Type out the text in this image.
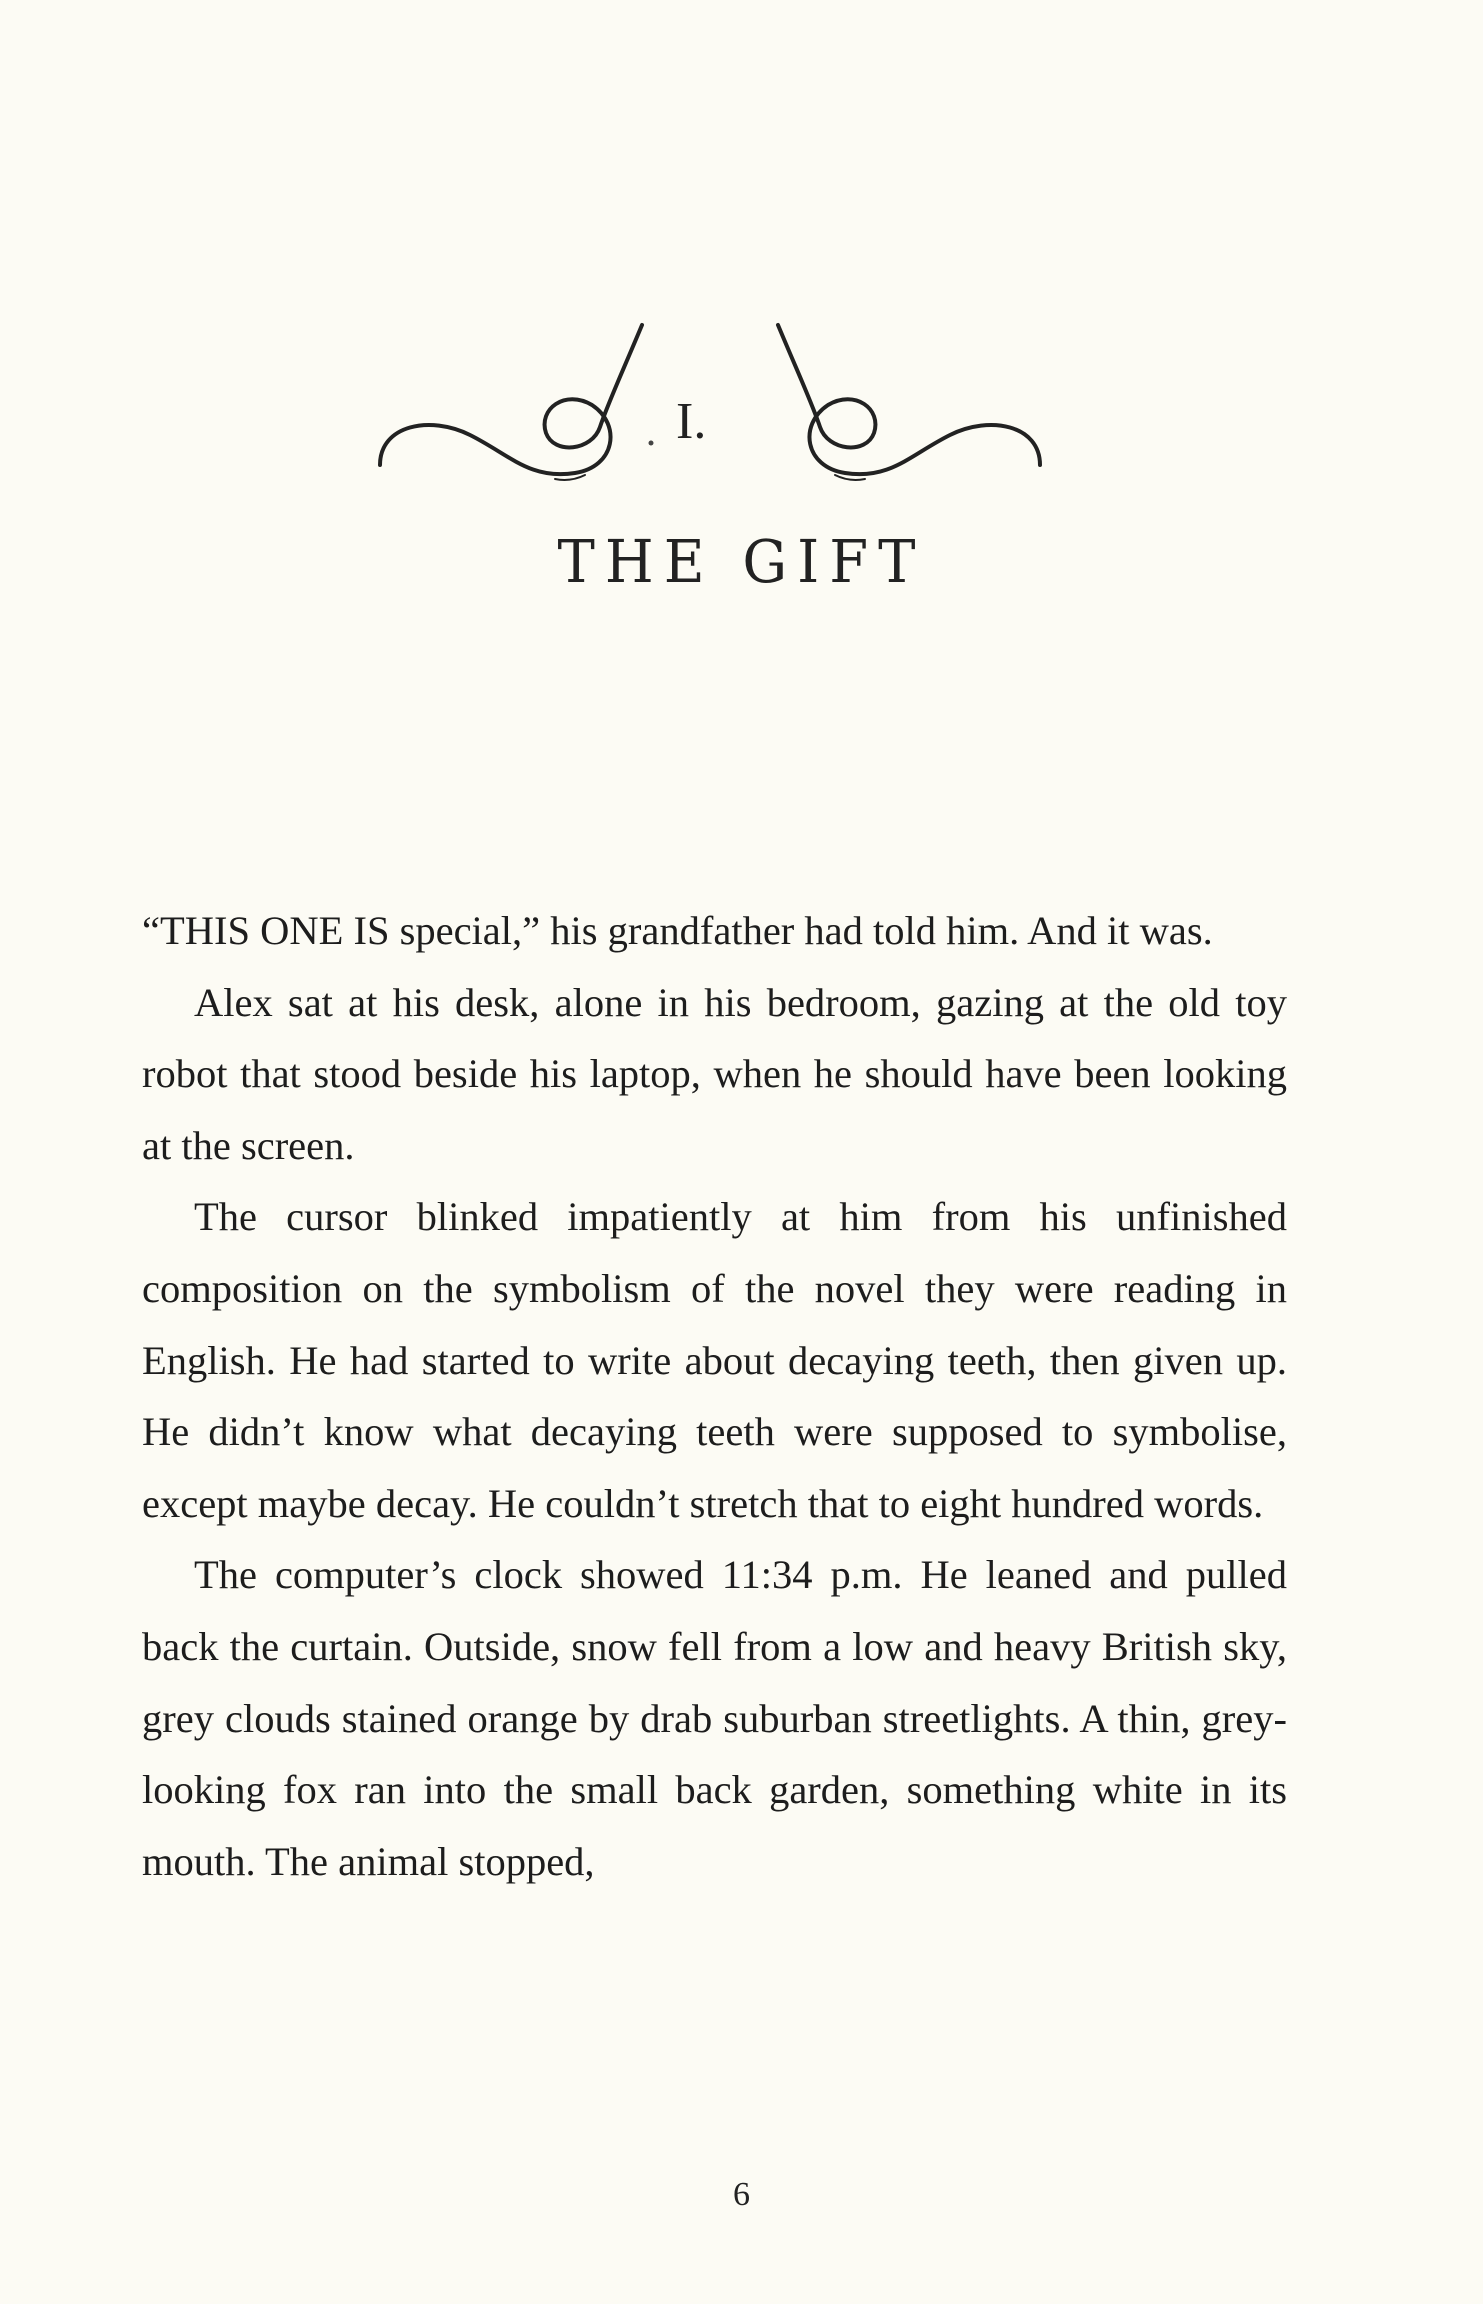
I.
THE GIFT

“THIS ONE IS special,” his grandfather had told him. And it was.

Alex sat at his desk, alone in his bedroom, gazing at the old toy robot that stood beside his laptop, when he should have been looking at the screen.

The cursor blinked impatiently at him from his unfinished composition on the symbolism of the novel they were reading in English. He had started to write about decaying teeth, then given up. He didn’t know what decaying teeth were supposed to symbolise, except maybe decay. He couldn’t stretch that to eight hundred words.

The computer’s clock showed 11:34 p.m. He leaned and pulled back the curtain. Outside, snow fell from a low and heavy British sky, grey clouds stained orange by drab suburban streetlights. A thin, grey-looking fox ran into the small back garden, something white in its mouth. The animal stopped,

6
